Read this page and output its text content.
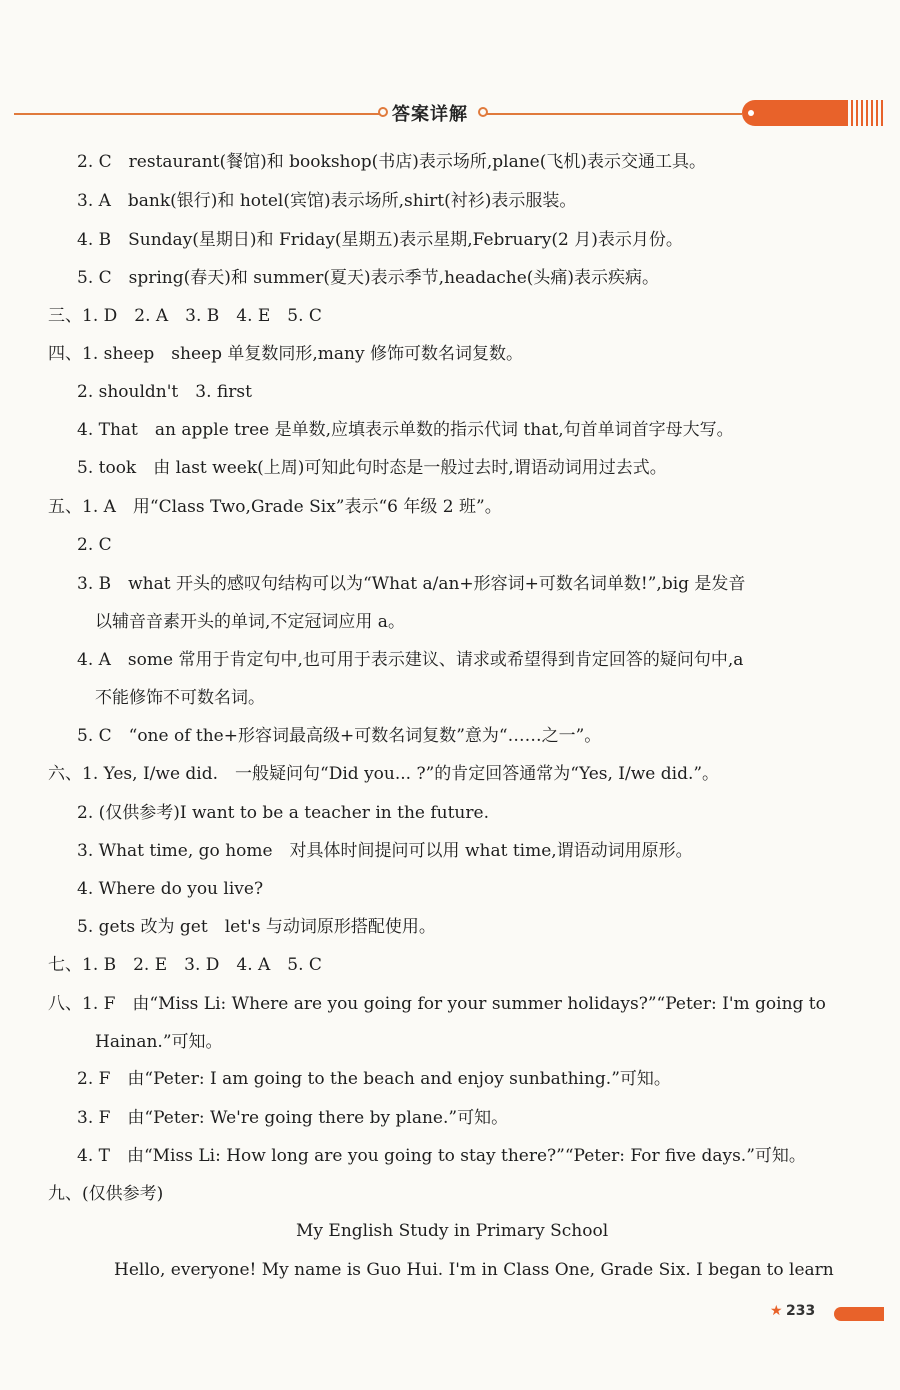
答案详解
2. C　restaurant(餐馆)和 bookshop(书店)表示场所,plane(飞机)表示交通工具。
3. A　bank(银行)和 hotel(宾馆)表示场所,shirt(衬衫)表示服装。
4. B　Sunday(星期日)和 Friday(星期五)表示星期,February(2 月)表示月份。
5. C　spring(春天)和 summer(夏天)表示季节,headache(头痛)表示疾病。
三、1. D　2. A　3. B　4. E　5. C
四、1. sheep　sheep 单复数同形,many 修饰可数名词复数。
2. shouldn't　3. first
4. That　an apple tree 是单数,应填表示单数的指示代词 that,句首单词首字母大写。
5. took　由 last week(上周)可知此句时态是一般过去时,谓语动词用过去式。
五、1. A　用“Class Two,Grade Six”表示“6 年级 2 班”。
2. C
3. B　what 开头的感叹句结构可以为“What a/an+形容词+可数名词单数!”,big 是发音
以辅音音素开头的单词,不定冠词应用 a。
4. A　some 常用于肯定句中,也可用于表示建议、请求或希望得到肯定回答的疑问句中,a
不能修饰不可数名词。
5. C　“one of the+形容词最高级+可数名词复数”意为“……之一”。
六、1. Yes, I/we did.　一般疑问句“Did you... ?”的肯定回答通常为“Yes, I/we did.”。
2. (仅供参考)I want to be a teacher in the future.
3. What time, go home　对具体时间提问可以用 what time,谓语动词用原形。
4. Where do you live?
5. gets 改为 get　let's 与动词原形搭配使用。
七、1. B　2. E　3. D　4. A　5. C
八、1. F　由“Miss Li: Where are you going for your summer holidays?”“Peter: I'm going to
Hainan.”可知。
2. F　由“Peter: I am going to the beach and enjoy sunbathing.”可知。
3. F　由“Peter: We're going there by plane.”可知。
4. T　由“Miss Li: How long are you going to stay there?”“Peter: For five days.”可知。
九、(仅供参考)
My English Study in Primary School
Hello, everyone! My name is Guo Hui. I'm in Class One, Grade Six. I began to learn
★ 233
